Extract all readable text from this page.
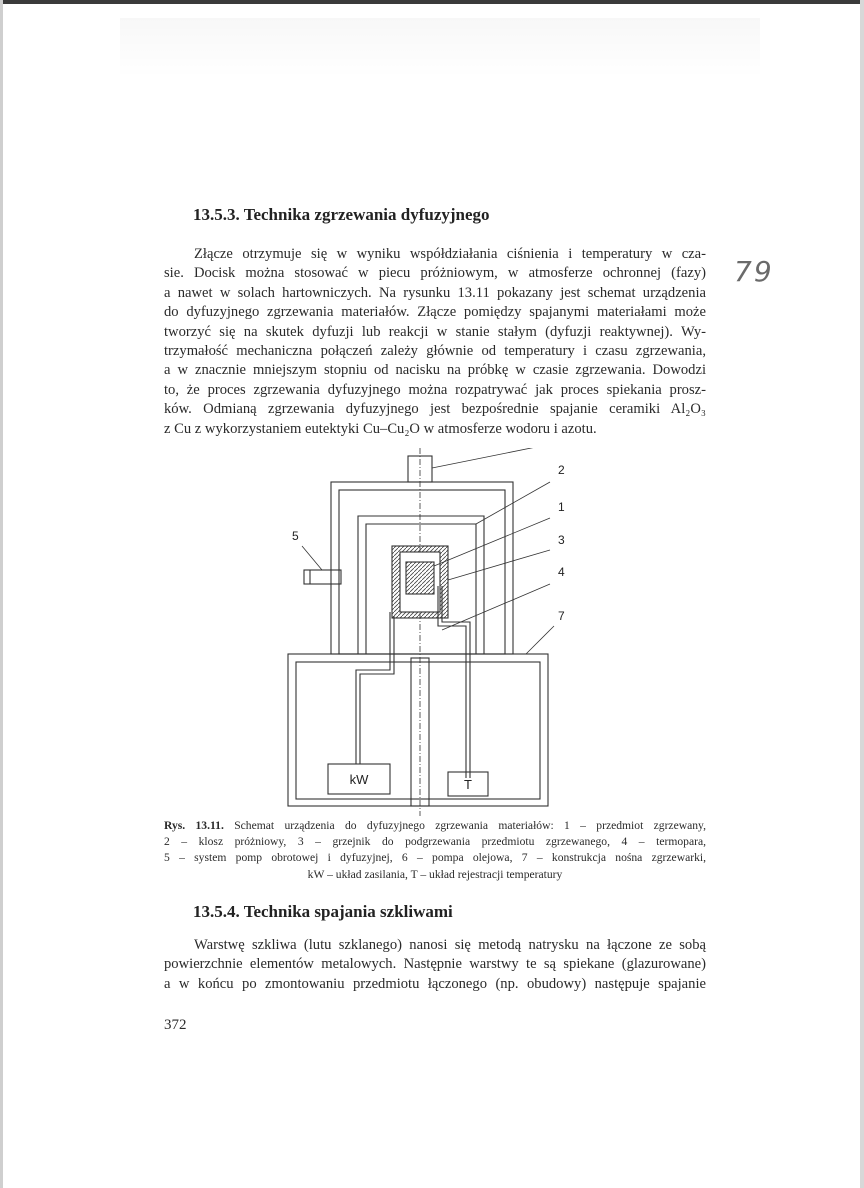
13.5.3. Technika zgrzewania dyfuzyjnego
Złącze otrzymuje się w wyniku współdziałania ciśnienia i temperatury w cza-
sie. Docisk można stosować w piecu próżniowym, w atmosferze ochronnej (fazy)
a nawet w solach hartowniczych. Na rysunku 13.11 pokazany jest schemat urządzenia
do dyfuzyjnego zgrzewania materiałów. Złącze pomiędzy spajanymi materiałami może
tworzyć się na skutek dyfuzji lub reakcji w stanie stałym (dyfuzji reaktywnej). Wy-
trzymałość mechaniczna połączeń zależy głównie od temperatury i czasu zgrzewania,
a w znacznie mniejszym stopniu od nacisku na próbkę w czasie zgrzewania. Dowodzi
to, że proces zgrzewania dyfuzyjnego można rozpatrywać jak proces spiekania prosz-
ków. Odmianą zgrzewania dyfuzyjnego jest bezpośrednie spajanie ceramiki Al₂O₃
z Cu z wykorzystaniem eutektyki Cu–Cu₂O w atmosferze wodoru i azotu.
79
kW	T
2
1
3
4
5
7
Rys. 13.11. Schemat urządzenia do dyfuzyjnego zgrzewania materiałów: 1 – przedmiot zgrzewany,
2 – klosz próżniowy, 3 – grzejnik do podgrzewania przedmiotu zgrzewanego, 4 – termopara,
5 – system pomp obrotowej i dyfuzyjnej, 6 – pompa olejowa, 7 – konstrukcja nośna zgrzewarki,
kW – układ zasilania, T – układ rejestracji temperatury
13.5.4. Technika spajania szkliwami
Warstwę szkliwa (lutu szklanego) nanosi się metodą natrysku na łączone ze sobą
powierzchnie elementów metalowych. Następnie warstwy te są spiekane (glazurowane)
a w końcu po zmontowaniu przedmiotu łączonego (np. obudowy) następuje spajanie
372
